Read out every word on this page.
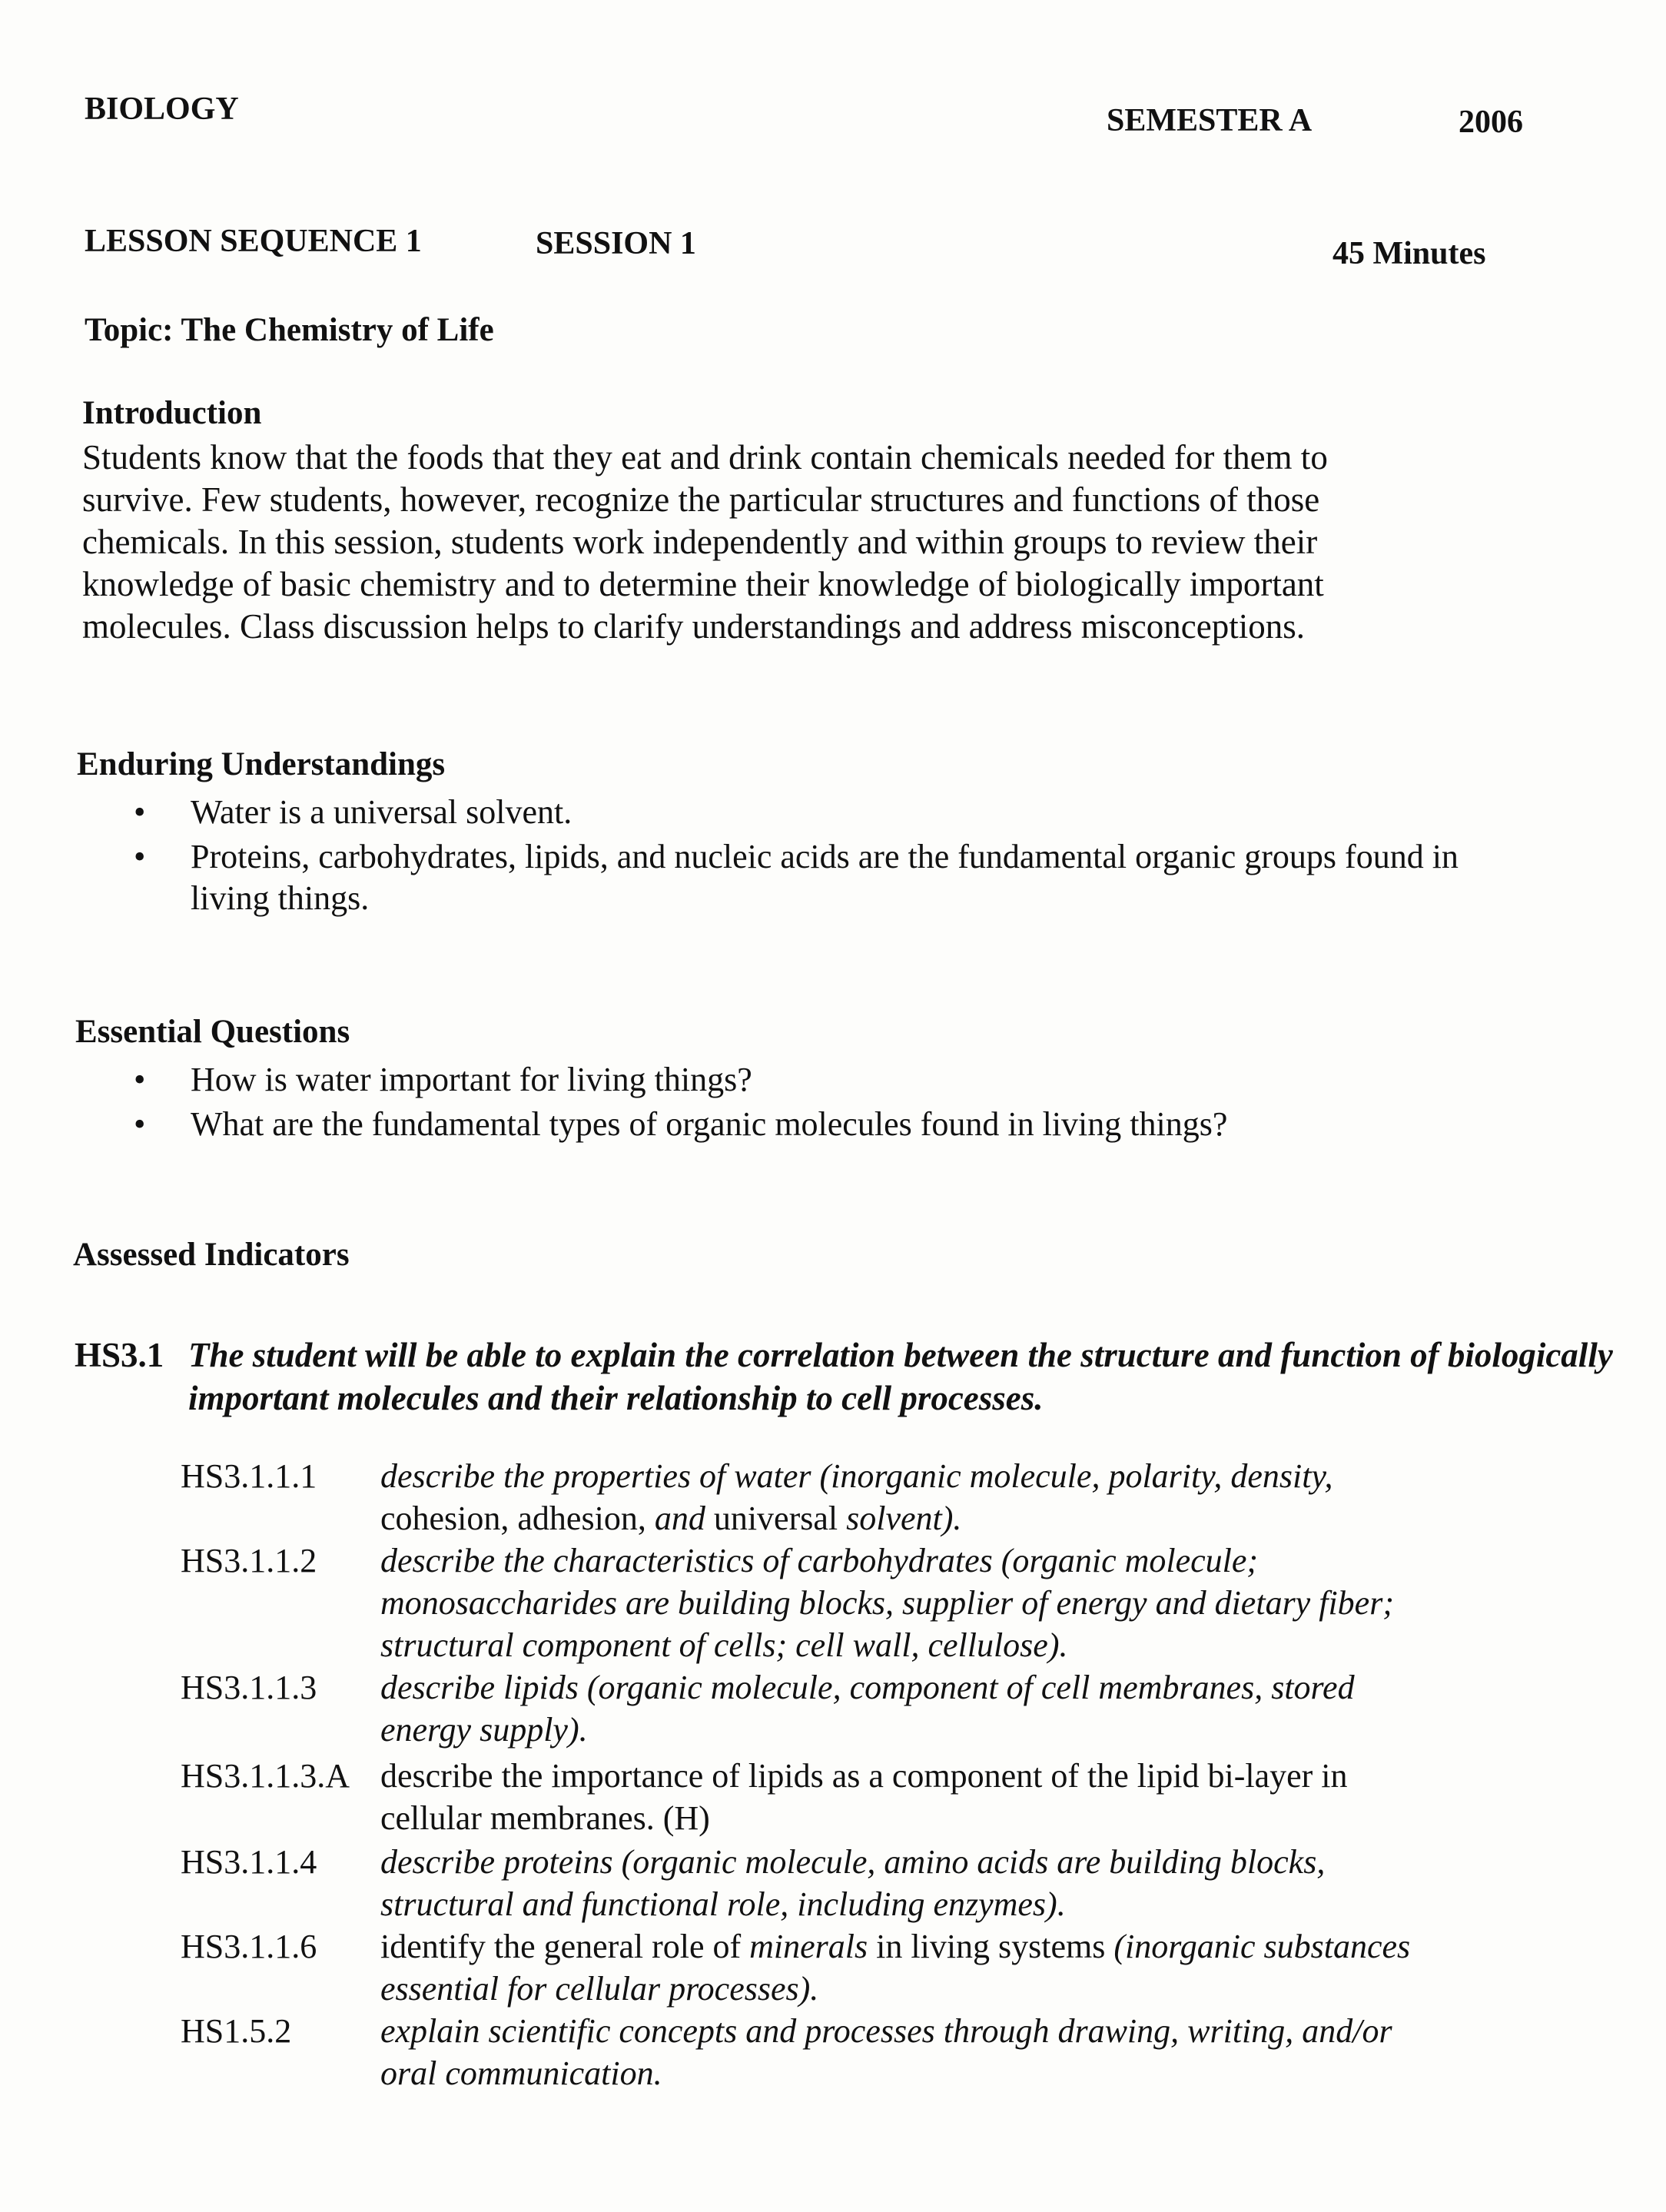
BIOLOGY	SEMESTER A	2006
LESSON SEQUENCE 1	SESSION 1	45 Minutes
Topic: The Chemistry of Life
Introduction
Students know that the foods that they eat and drink contain chemicals needed for them to
survive. Few students, however, recognize the particular structures and functions of those
chemicals. In this session, students work independently and within groups to review their
knowledge of basic chemistry and to determine their knowledge of biologically important
molecules. Class discussion helps to clarify understandings and address misconceptions.
Enduring Understandings
• Water is a universal solvent.
• Proteins, carbohydrates, lipids, and nucleic acids are the fundamental organic groups found in living things.
Essential Questions
• How is water important for living things?
• What are the fundamental types of organic molecules found in living things?
Assessed Indicators
HS3.1 The student will be able to explain the correlation between the structure and function of biologically important molecules and their relationship to cell processes.
HS3.1.1.1 describe the properties of water (inorganic molecule, polarity, density,
cohesion, adhesion, and universal solvent).
HS3.1.1.2 describe the characteristics of carbohydrates (organic molecule;
monosaccharides are building blocks, supplier of energy and dietary fiber;
structural component of cells; cell wall, cellulose).
HS3.1.1.3 describe lipids (organic molecule, component of cell membranes, stored
energy supply).
HS3.1.1.3.A describe the importance of lipids as a component of the lipid bi-layer in
cellular membranes. (H)
HS3.1.1.4 describe proteins (organic molecule, amino acids are building blocks,
structural and functional role, including enzymes).
HS3.1.1.6 identify the general role of minerals in living systems (inorganic substances
essential for cellular processes).
HS1.5.2	explain scientific concepts and processes through drawing, writing, and/or
oral communication.
